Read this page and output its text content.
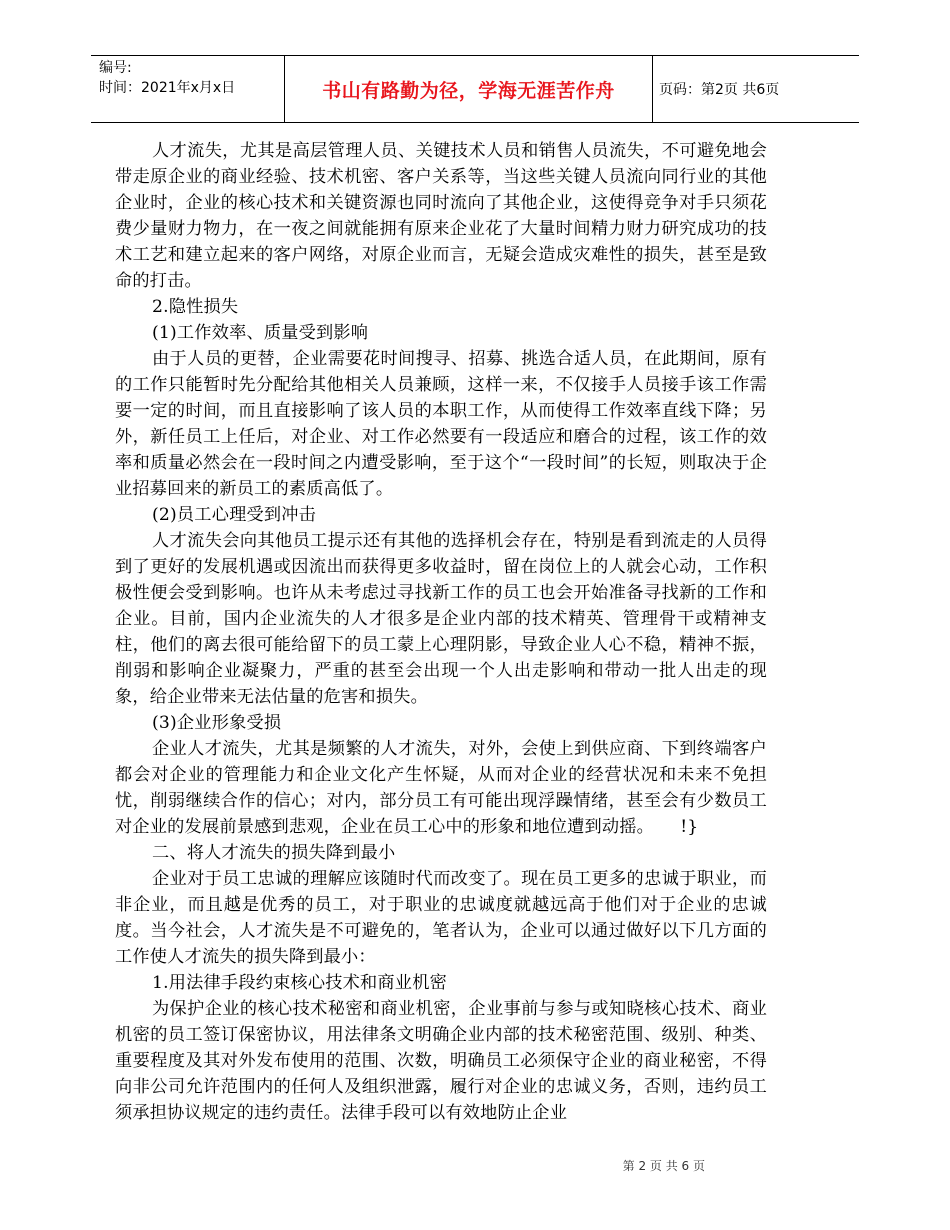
编号:
时间：2021年x月x日	书山有路勤为径，学海无涯苦作舟	页码：第2页 共6页

人才流失，尤其是高层管理人员、关键技术人员和销售人员流失，不可避免地会带走原企业的商业经验、技术机密、客户关系等，当这些关键人员流向同行业的其他企业时，企业的核心技术和关键资源也同时流向了其他企业，这使得竞争对手只须花费少量财力物力，在一夜之间就能拥有原来企业花了大量时间精力财力研究成功的技术工艺和建立起来的客户网络，对原企业而言，无疑会造成灾难性的损失，甚至是致命的打击。

2.隐性损失

(1)工作效率、质量受到影响

由于人员的更替，企业需要花时间搜寻、招募、挑选合适人员，在此期间，原有的工作只能暂时先分配给其他相关人员兼顾，这样一来，不仅接手人员接手该工作需要一定的时间，而且直接影响了该人员的本职工作，从而使得工作效率直线下降；另外，新任员工上任后，对企业、对工作必然要有一段适应和磨合的过程，该工作的效率和质量必然会在一段时间之内遭受影响，至于这个“一段时间”的长短，则取决于企业招募回来的新员工的素质高低了。

(2)员工心理受到冲击

人才流失会向其他员工提示还有其他的选择机会存在，特别是看到流走的人员得到了更好的发展机遇或因流出而获得更多收益时，留在岗位上的人就会心动，工作积极性便会受到影响。也许从未考虑过寻找新工作的员工也会开始准备寻找新的工作和企业。目前，国内企业流失的人才很多是企业内部的技术精英、管理骨干或精神支柱，他们的离去很可能给留下的员工蒙上心理阴影，导致企业人心不稳，精神不振，削弱和影响企业凝聚力，严重的甚至会出现一个人出走影响和带动一批人出走的现象，给企业带来无法估量的危害和损失。

(3)企业形象受损

企业人才流失，尤其是频繁的人才流失，对外，会使上到供应商、下到终端客户都会对企业的管理能力和企业文化产生怀疑，从而对企业的经营状况和未来不免担忧，削弱继续合作的信心；对内，部分员工有可能出现浮躁情绪，甚至会有少数员工对企业的发展前景感到悲观，企业在员工心中的形象和地位遭到动摇。　　!}

二、将人才流失的损失降到最小

企业对于员工忠诚的理解应该随时代而改变了。现在员工更多的忠诚于职业，而非企业，而且越是优秀的员工，对于职业的忠诚度就越远高于他们对于企业的忠诚度。当今社会，人才流失是不可避免的，笔者认为，企业可以通过做好以下几方面的工作使人才流失的损失降到最小：

1.用法律手段约束核心技术和商业机密

为保护企业的核心技术秘密和商业机密，企业事前与参与或知晓核心技术、商业机密的员工签订保密协议，用法律条文明确企业内部的技术秘密范围、级别、种类、重要程度及其对外发布使用的范围、次数，明确员工必须保守企业的商业秘密，不得向非公司允许范围内的任何人及组织泄露，履行对企业的忠诚义务，否则，违约员工须承担协议规定的违约责任。法律手段可以有效地防止企业

第 2 页 共 6 页
